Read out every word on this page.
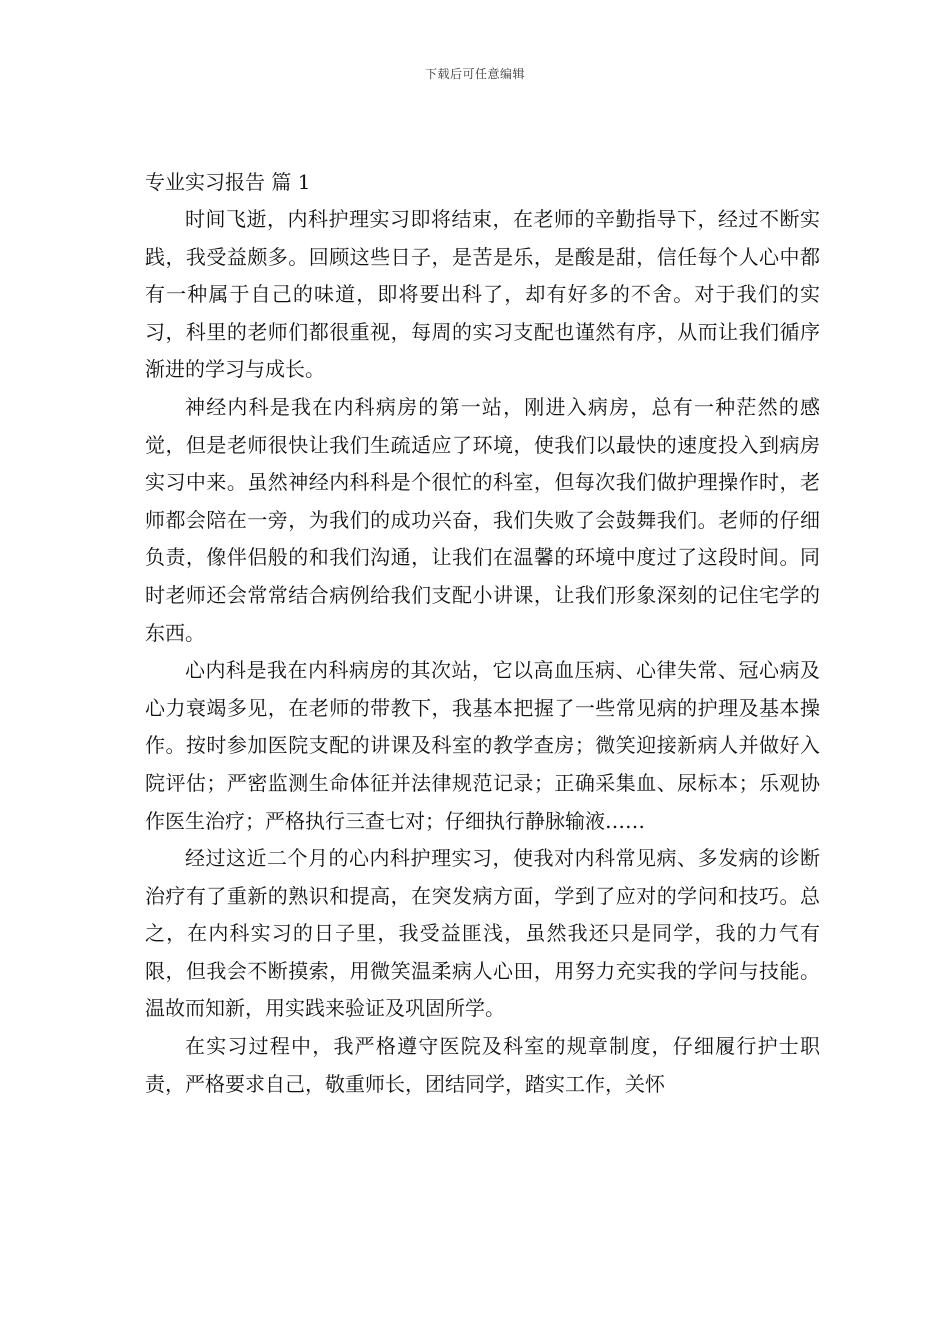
下载后可任意编辑
专业实习报告 篇 1

时间飞逝，内科护理实习即将结束，在老师的辛勤指导下，经过不断实践，我受益颇多。回顾这些日子，是苦是乐，是酸是甜，信任每个人心中都有一种属于自己的味道，即将要出科了，却有好多的不舍。对于我们的实习，科里的老师们都很重视，每周的实习支配也谨然有序，从而让我们循序渐进的学习与成长。

神经内科是我在内科病房的第一站，刚进入病房，总有一种茫然的感觉，但是老师很快让我们生疏适应了环境，使我们以最快的速度投入到病房实习中来。虽然神经内科科是个很忙的科室，但每次我们做护理操作时，老师都会陪在一旁，为我们的成功兴奋，我们失败了会鼓舞我们。老师的仔细负责，像伴侣般的和我们沟通，让我们在温馨的环境中度过了这段时间。同时老师还会常常结合病例给我们支配小讲课，让我们形象深刻的记住宅学的东西。

心内科是我在内科病房的其次站，它以高血压病、心律失常、冠心病及心力衰竭多见，在老师的带教下，我基本把握了一些常见病的护理及基本操作。按时参加医院支配的讲课及科室的教学查房；微笑迎接新病人并做好入院评估；严密监测生命体征并法律规范记录；正确采集血、尿标本；乐观协作医生治疗；严格执行三查七对；仔细执行静脉输液……

经过这近二个月的心内科护理实习，使我对内科常见病、多发病的诊断治疗有了重新的熟识和提高，在突发病方面，学到了应对的学问和技巧。总之，在内科实习的日子里，我受益匪浅，虽然我还只是同学，我的力气有限，但我会不断摸索，用微笑温柔病人心田，用努力充实我的学问与技能。温故而知新，用实践来验证及巩固所学。

在实习过程中，我严格遵守医院及科室的规章制度，仔细履行护士职责，严格要求自己，敬重师长，团结同学，踏实工作，关怀
